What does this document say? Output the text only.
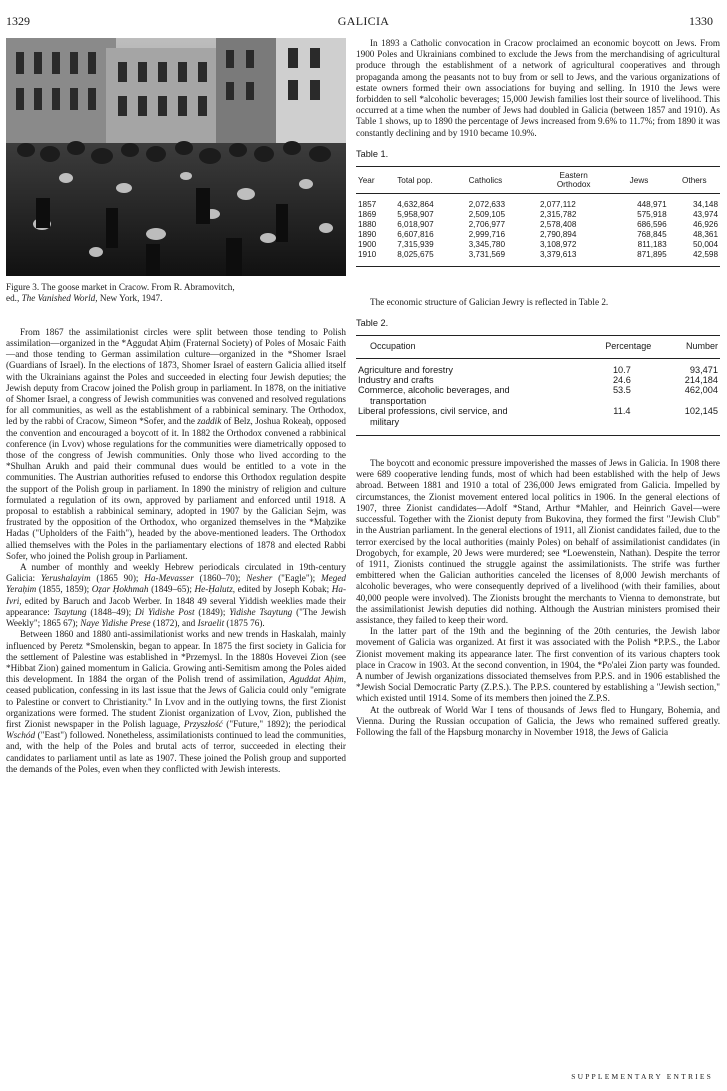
GALICIA
1329	1330

Figure 3. The goose market in Cracow. From R. Abramovitch,

ed., The Vanished World, New York, 1947.

From 1867 the assimilationist circles were split between those tending to Polish assimilation—organized in the *Aggudat Aḥim (Fraternal Society) of Poles of Mosaic Faith—and those tending to German assimilation culture—organized in the *Shomer Israel (Guardians of Israel). In the elections of 1873, Shomer Israel of eastern Galicia allied itself with the Ukrainians against the Poles and succeeded in electing four Jewish deputies; the Jewish deputy from Cracow joined the Polish group in parliament. In 1878, on the initiative of Shomer Israel, a congress of Jewish communities was convened and resolved regulations for all communities, as well as the establishment of a rabbinical seminary. The Orthodox, led by the rabbi of Cracow, Simeon *Sofer, and the zaddik of Belz, Joshua Rokeaḥ, opposed the convention and encouraged a boycott of it. In 1882 the Orthodox convened a rabbinical conference (in Lvov) whose regulations for the communities were diametrically opposed to those of the congress of Jewish communities. Only those who lived according to the *Shulhan Arukh and paid their communal dues would be entitled to a vote in the communities. The Austrian authorities refused to endorse this Orthodox regulation despite the support of the Polish group in parliament. In 1890 the ministry of religion and culture formulated a regulation of its own, approved by parliament and enforced until 1918. A proposal to establish a rabbinical seminary, adopted in 1907 by the Galician Sejm, was frustrated by the opposition of the Orthodox, who organized themselves in the *Maḥzike Hadas ("Upholders of the Faith"), headed by the above-mentioned leaders. The Orthodox allied themselves with the Poles in the parliamentary elections of 1878 and elected Rabbi Sofer, who joined the Polish group in Parliament.

A number of monthly and weekly Hebrew periodicals circulated in 19th-century Galicia: Yerushalayim (1865 90); Ha-Mevasser (1860–70); Nesher ("Eagle"); Meged Yeraḥim (1855, 1859); Oẓar Ḥokhmah (1849–65); He-Ḥalutz, edited by Joseph Kobak; Ha-Ivri, edited by Baruch and Jacob Werber. In 1848 49 several Yiddish weeklies made their appearance: Tsaytung (1848–49); Di Yidishe Post (1849); Yidishe Tsaytung ("The Jewish Weekly"; 1865 67); Naye Yidishe Prese (1872), and Israelit (1875 76).

Between 1860 and 1880 anti-assimilationist works and new trends in Haskalah, mainly influenced by Peretz *Smolenskin, began to appear. In 1875 the first society in Galicia for the settlement of Palestine was established in *Przemysl. In the 1880s Hovevei Zion (see *Hibbat Zion) gained momentum in Galicia. Growing anti-Semitism among the Poles aided this development. In 1884 the organ of the Polish trend of assimilation, Aguddat Aḥim, ceased publication, confessing in its last issue that the Jews of Galicia could only "emigrate to Palestine or convert to Christianity." In Lvov and in the outlying towns, the first Zionist organizations were formed. The student Zionist organization of Lvov, Zion, published the first Zionist newspaper in the Polish laguage, Przyszłość ("Future," 1892); the periodical Wschód ("East") followed. Nonetheless, assimilationists continued to lead the communities, and, with the help of the Poles and brutal acts of terror, succeeded in electing their candidates to parliament until as late as 1907. These joined the Polish group and supported the demands of the Poles, even when they conflicted with Jewish interests.

In 1893 a Catholic convocation in Cracow proclaimed an economic boycott on Jews. From 1900 Poles and Ukrainians combined to exclude the Jews from the merchandising of agricultural produce through the establishment of a network of agricultural cooperatives and through propaganda among the peasants not to buy from or sell to Jews, and the various organizations of estate owners formed their own associations for buying and selling. In 1910 the Jews were forbidden to sell *alcoholic beverages; 15,000 Jewish families lost their source of livelihood. This occurred at a time when the number of Jews had doubled in Galicia (between 1857 and 1910). As Table 1 shows, up to 1890 the percentage of Jews increased from 9.6% to 11.7%; from 1890 it was constantly declining and by 1910 became 10.9%.

Table 1.
Year	Total pop.	Catholics	Eastern
Orthodox	Jews	Others
1857	4,632,864	2,072,633	2,077,112	448,971	34,148
1869	5,958,907	2,509,105	2,315,782	575,918	43,974
1880	6,018,907	2,706,977	2,578,408	686,596	46,926
1890	6,607,816	2,999,716	2,790,894	768,845	48,361
1900	7,315,939	3,345,780	3,108,972	811,183	50,004
1910	8,025,675	3,731,569	3,379,613	871,895	42,598

The economic structure of Galician Jewry is reflected in Table 2.

Table 2.
Occupation	Percentage	Number
Agriculture and forestry	10.7	93,471
Industry and crafts	24.6	214,184
Commerce, alcoholic beverages, and
transportation	53.5	462,004
Liberal professions, civil service, and
military	11.4	102,145

The boycott and economic pressure impoverished the masses of Jews in Galicia. In 1908 there were 689 cooperative lending funds, most of which had been established with the help of Jews abroad. Between 1881 and 1910 a total of 236,000 Jews emigrated from Galicia. Impelled by circumstances, the Zionist movement entered local politics in 1906. In the general elections of 1907, three Zionist candidates—Adolf *Stand, Arthur *Mahler, and Heinrich Gavel—were successful. Together with the Zionist deputy from Bukovina, they formed the first "Jewish Club" in the Austrian parliament. In the general elections of 1911, all Zionist candidates failed, due to the terror exercised by the local authorities (mainly Poles) on behalf of assimilationist candidates (in Drogobych, for example, 20 Jews were murdered; see *Loewenstein, Nathan). Despite the terror of 1911, Zionists continued the struggle against the assimilationists. The strife was further embittered when the Galician authorities canceled the licenses of 8,000 Jewish merchants of alcoholic beverages, who were consequently deprived of a livelihood (with their families, about 40,000 people were involved). The Zionists brought the merchants to Vienna to demonstrate, but the assimilationist Jewish deputies did nothing. Although the Austrian ministers promised their assistance, they failed to keep their word.

In the latter part of the 19th and the beginning of the 20th centuries, the Jewish labor movement of Galicia was organized. At first it was associated with the Polish *P.P.S., the Labor Zionist movement making its appearance later. The first convention of its various chapters took place in Cracow in 1903. At the second convention, in 1904, the *Po'alei Zion party was founded. A number of Jewish organizations dissociated themselves from P.P.S. and in 1906 established the *Jewish Social Democratic Party (Z.P.S.). The P.P.S. countered by establishing a "Jewish section," which existed until 1914. Some of its members then joined the Z.P.S.

At the outbreak of World War I tens of thousands of Jews fled to Hungary, Bohemia, and Vienna. During the Russian occupation of Galicia, the Jews who remained suffered greatly. Following the fall of the Hapsburg monarchy in November 1918, the Jews of Galicia

SUPPLEMENTARY ENTRIES
